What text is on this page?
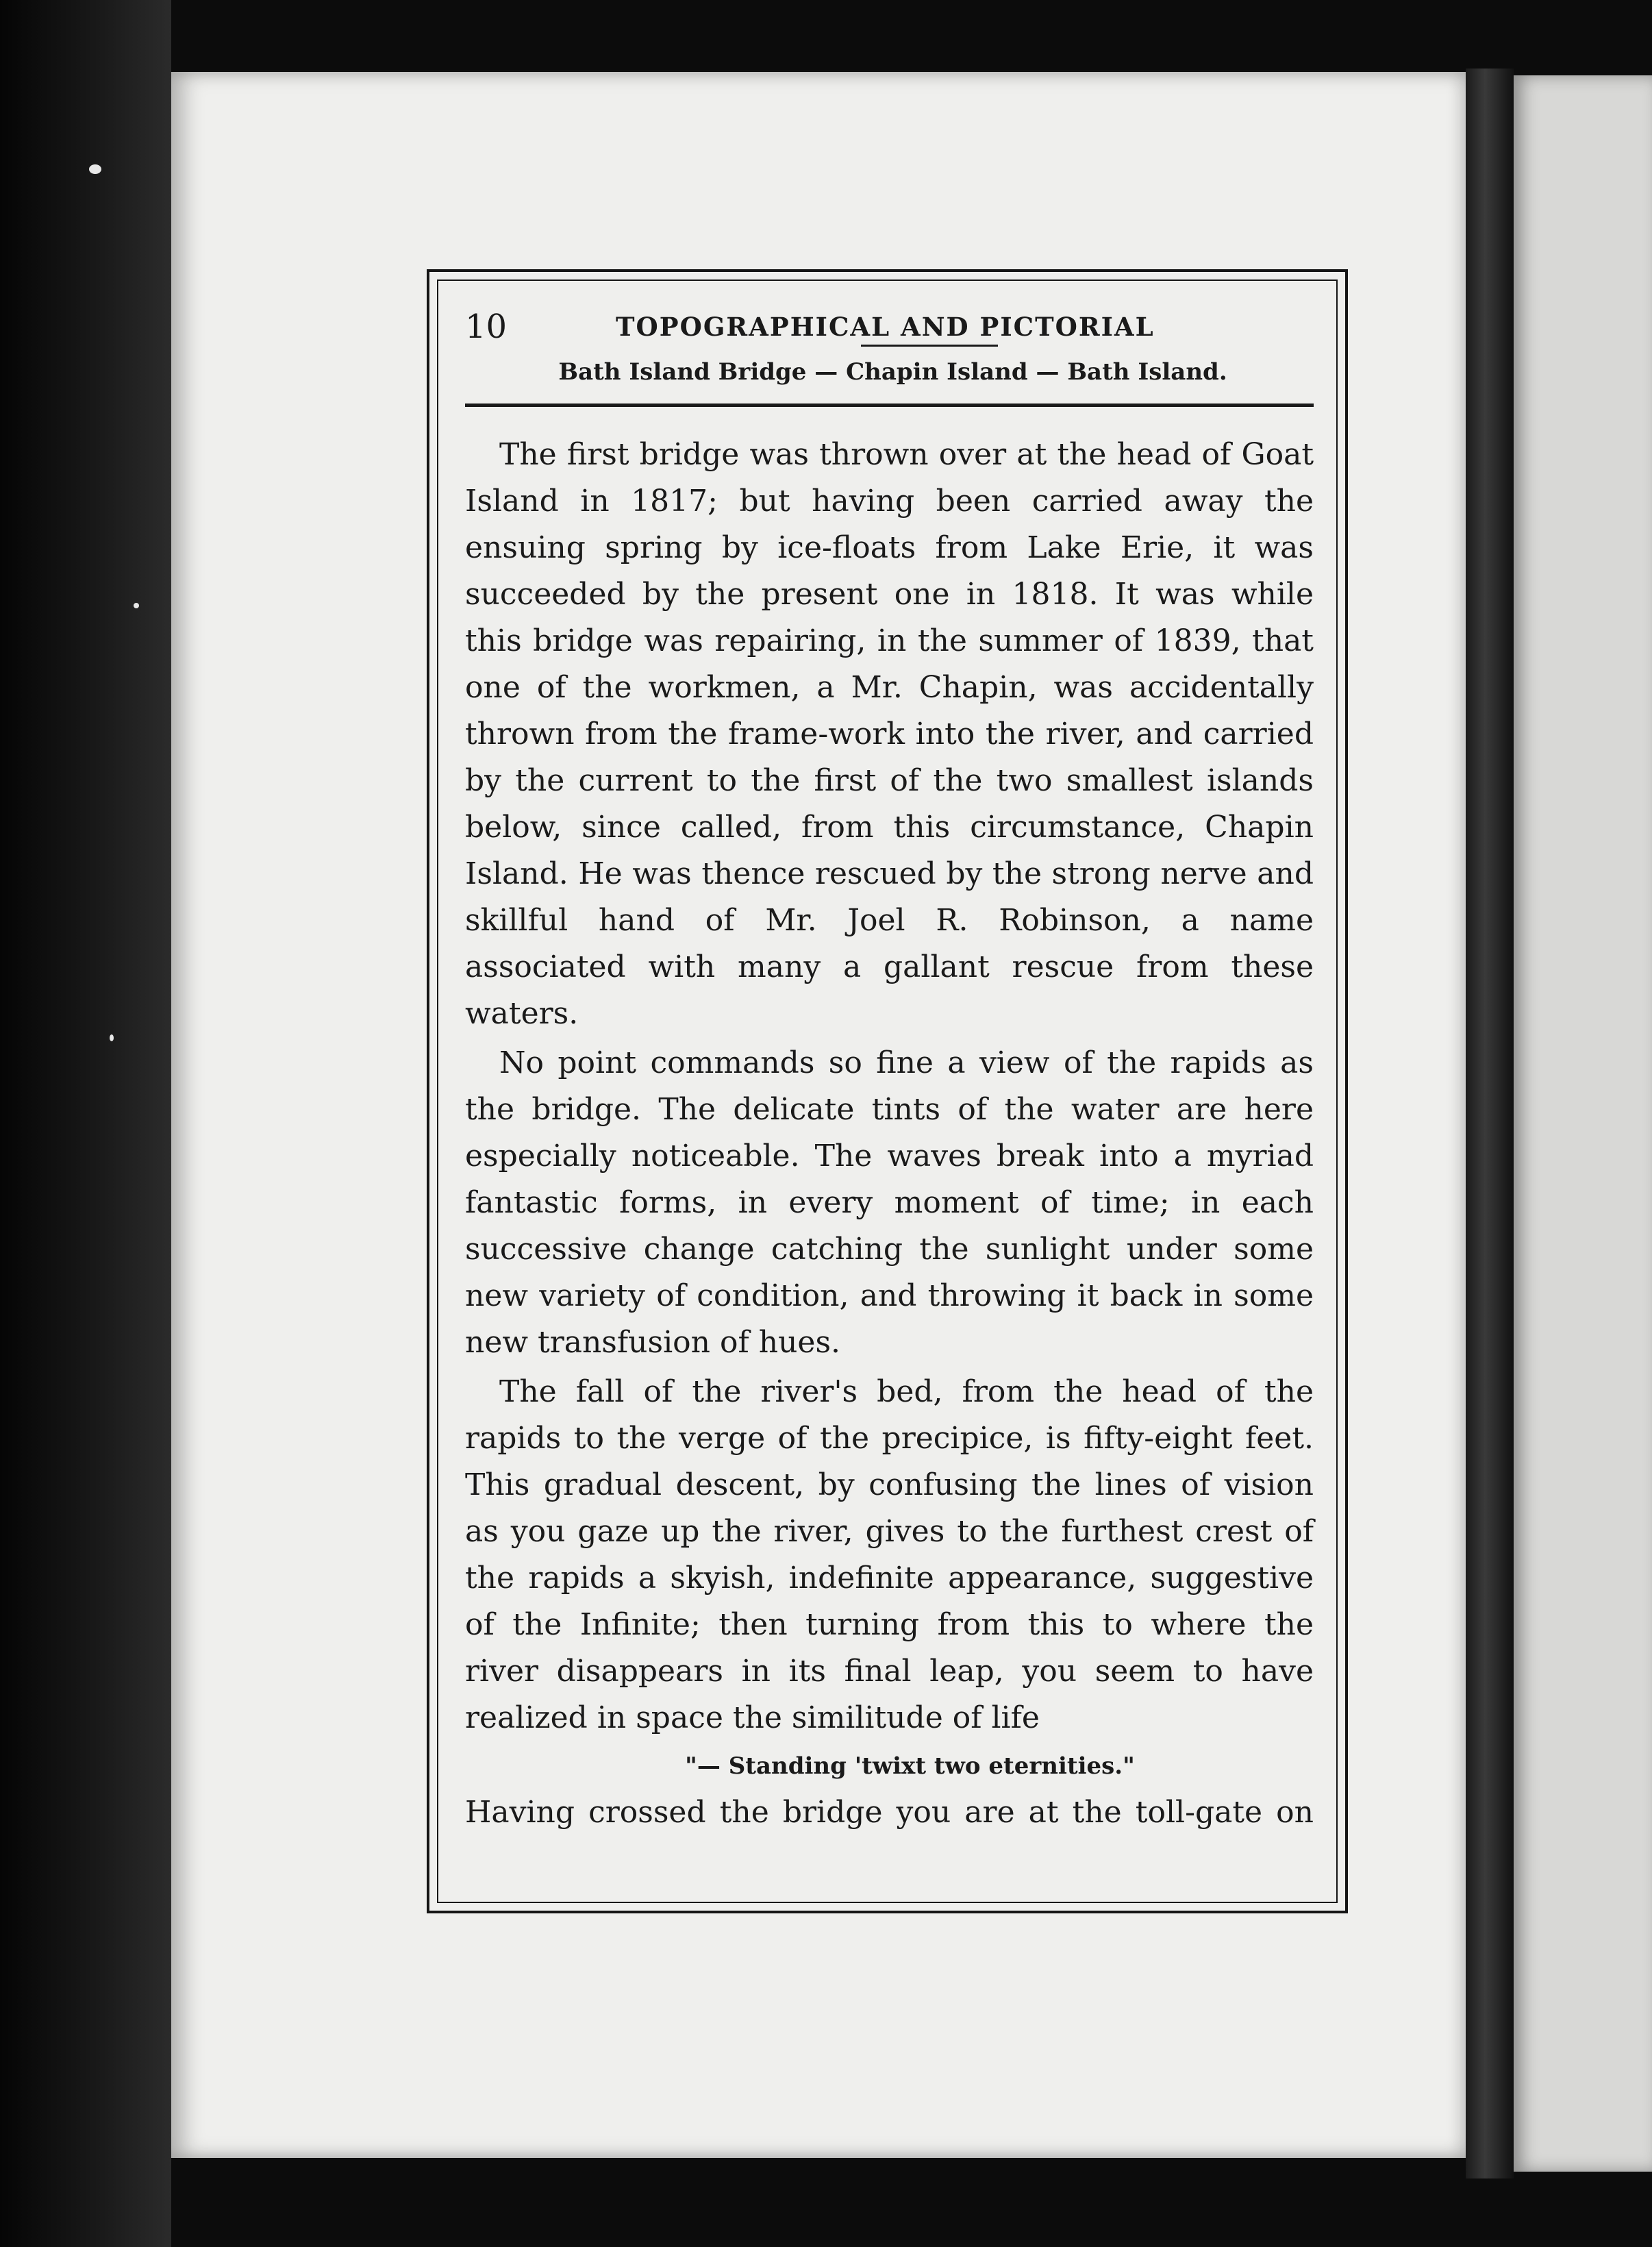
10	TOPOGRAPHICAL AND PICTORIAL
Bath Island Bridge — Chapin Island — Bath Island.

The first bridge was thrown over at the head of Goat Island in 1817; but having been carried away the ensuing spring by ice-floats from Lake Erie, it was succeeded by the present one in 1818. It was while this bridge was repairing, in the summer of 1839, that one of the workmen, a Mr. Chapin, was accidentally thrown from the frame-work into the river, and carried by the current to the first of the two smallest islands below, since called, from this circumstance, Chapin Island. He was thence rescued by the strong nerve and skillful hand of Mr. Joel R. Robinson, a name associated with many a gallant rescue from these waters.

No point commands so fine a view of the rapids as the bridge. The delicate tints of the water are here especially noticeable. The waves break into a myriad fantastic forms, in every moment of time; in each successive change catching the sunlight under some new variety of condition, and throwing it back in some new transfusion of hues.

The fall of the river's bed, from the head of the rapids to the verge of the precipice, is fifty-eight feet. This gradual descent, by confusing the lines of vision as you gaze up the river, gives to the furthest crest of the rapids a skyish, indefinite appearance, suggestive of the Infinite; then turning from this to where the river disappears in its final leap, you seem to have realized in space the similitude of life

"— Standing 'twixt two eternities."

Having crossed the bridge you are at the toll-gate on
